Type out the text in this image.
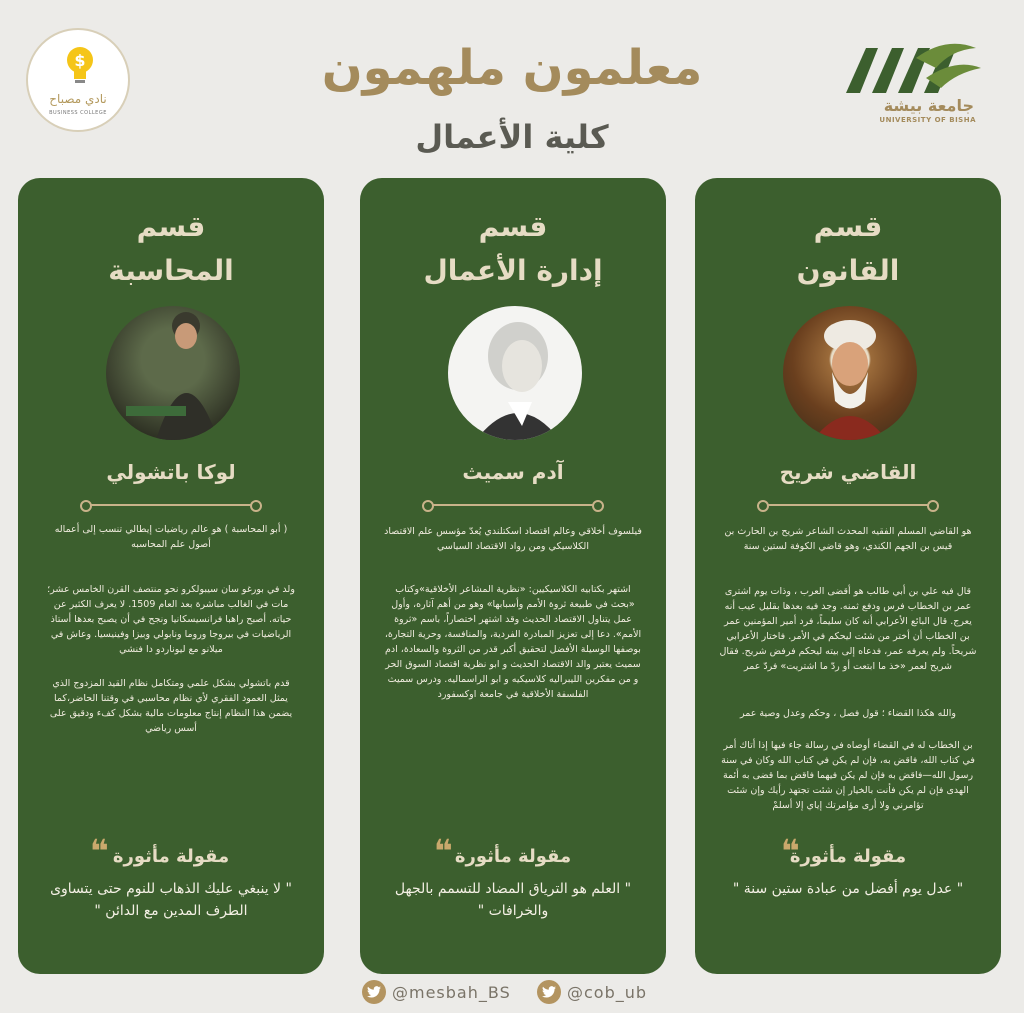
معلمون ملهمون
كلية الأعمال
جامعة بيشة
UNIVERSITY OF BISHA
$
نادي مصباح
BUSINESS COLLEGE
قسم
القانون
القاضي شريح
هو القاضي المسلم الفقيه المحدث الشاعر شريح بن الحارث بن قيس بن الجهم الكندي، وهو قاضي الكوفة لستين سنة
قال فيه علي بن أبي طالب هو أقضى العرب ، وذات يوم اشترى عمر بن الخطاب فرس ودفع ثمنه. وجد فيه بعدها بقليل عيب أنه يعرج. قال البائع الأعرابي أنه كان سليماً، فرد أمير المؤمنين عمر بن الخطاب أن أختر من شئت ليحكم في الأمر. فاختار الأعرابي شريحاً. ولم يعرفه عمر، فدعاه إلى بيته ليحكم فرفض شريح. فقال شريح لعمر «خذ ما ابتعت أو ردّ ما اشتريت» فردّ عمر
والله هكذا القضاء ؛ قول فصل ، وحكم وعدل وصية عمر
بن الخطاب له في القضاء أوصاه في رسالة جاء فيها إذا أتاك أمر في كتاب الله، فاقض به، فإن لم يكن في كتاب الله وكان في سنة رسول الله—فاقض به فإن لم يكن فيهما فاقض بما قضى به أئمة الهدى فإن لم يكن فأنت بالخيار إن شئت تجتهد رأيك وإن شئت تؤامرني ولا أرى مؤامرتك إياي إلا أسلمْ
❝
مقولة مأثورة
" عدل يوم أفضل من عبادة ستين سنة "
قسم
إدارة الأعمال
آدم سميث
فيلسوف أخلاقي وعالم اقتصاد اسكتلندي يُعدّ مؤسس علم الاقتصاد الكلاسيكي ومن رواد الاقتصاد السياسي
اشتهر بكتابيه الكلاسيكيين: «نظرية المشاعر الأخلاقية»وكتاب «بحث في طبيعة ثروة الأمم وأسبابها» وهو من أهم آثاره، وأول عمل يتناول الاقتصاد الحديث وقد اشتهر اختصاراً، باسم «ثروة الأمم». دعا إلى تعزيز المبادرة الفردية، والمنافسة، وحرية التجارة، بوصفها الوسيلة الأفضل لتحقيق أكبر قدر من الثروة والسعادة، ادم سميث يعتبر والد الاقتصاد الحديث و ابو نظرية اقتصاد السوق الحر و من مفكرين الليبراليه كلاسيكيه و ابو الراسماليه. ودرس سميث الفلسفة الأخلاقية في جامعة اوكسفورد
❝ مقولة مأثورة
" العلم هو الترياق المضاد للتسمم بالجهل والخرافات "
قسم
المحاسبة
لوكا باتشولي
( أبو المحاسبة ) هو عالم رياضيات إيطالي تنسب إلى أعماله أصول علم المحاسبه
ولد في بورغو سان سيبولكرو نحو منتصف القرن الخامس عشر؛ مات في الغالب مباشرة بعد العام 1509. لا يعرف الكثير عن حياته. أصبح راهبا فرانسيسكانيا ونجح في أن يصبح بعدها أستاذ الرياضيات في بيروجا وروما ونابولي وبيزا وفينيسيا. وعاش في ميلانو مع ليوناردو دا فنشي
قدم باتشولي بشكل علمي ومتكامل نظام القيد المزدوج الذي يمثل العمود الفقري لأي نظام محاسبي في وقتنا الحاضر،كما يضمن هذا النظام إنتاج معلومات مالية بشكل كفء ودقيق على أسس رياضي
❝ مقولة مأثورة
" لا ينبغي عليك الذهاب للنوم حتى يتساوى الطرف المدين مع الدائن "
@cob_ub
@mesbah_BS
